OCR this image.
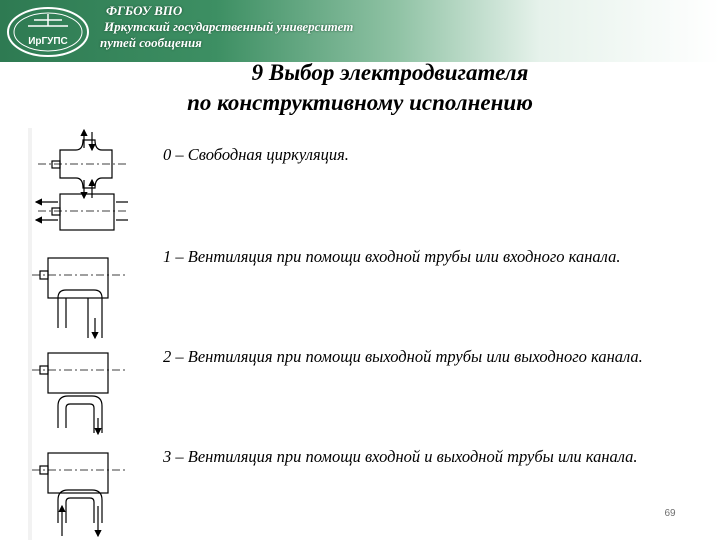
ИрГУПС
ФГБОУ ВПО
Иркутский государственный университет
путей сообщения
9 Выбор электродвигателя
по конструктивному исполнению
0 – Свободная циркуляция.
1 – Вентиляция при помощи входной трубы или входного канала.
2 – Вентиляция при помощи выходной трубы или выходного канала.
3 – Вентиляция при помощи входной и выходной трубы или канала.
69
